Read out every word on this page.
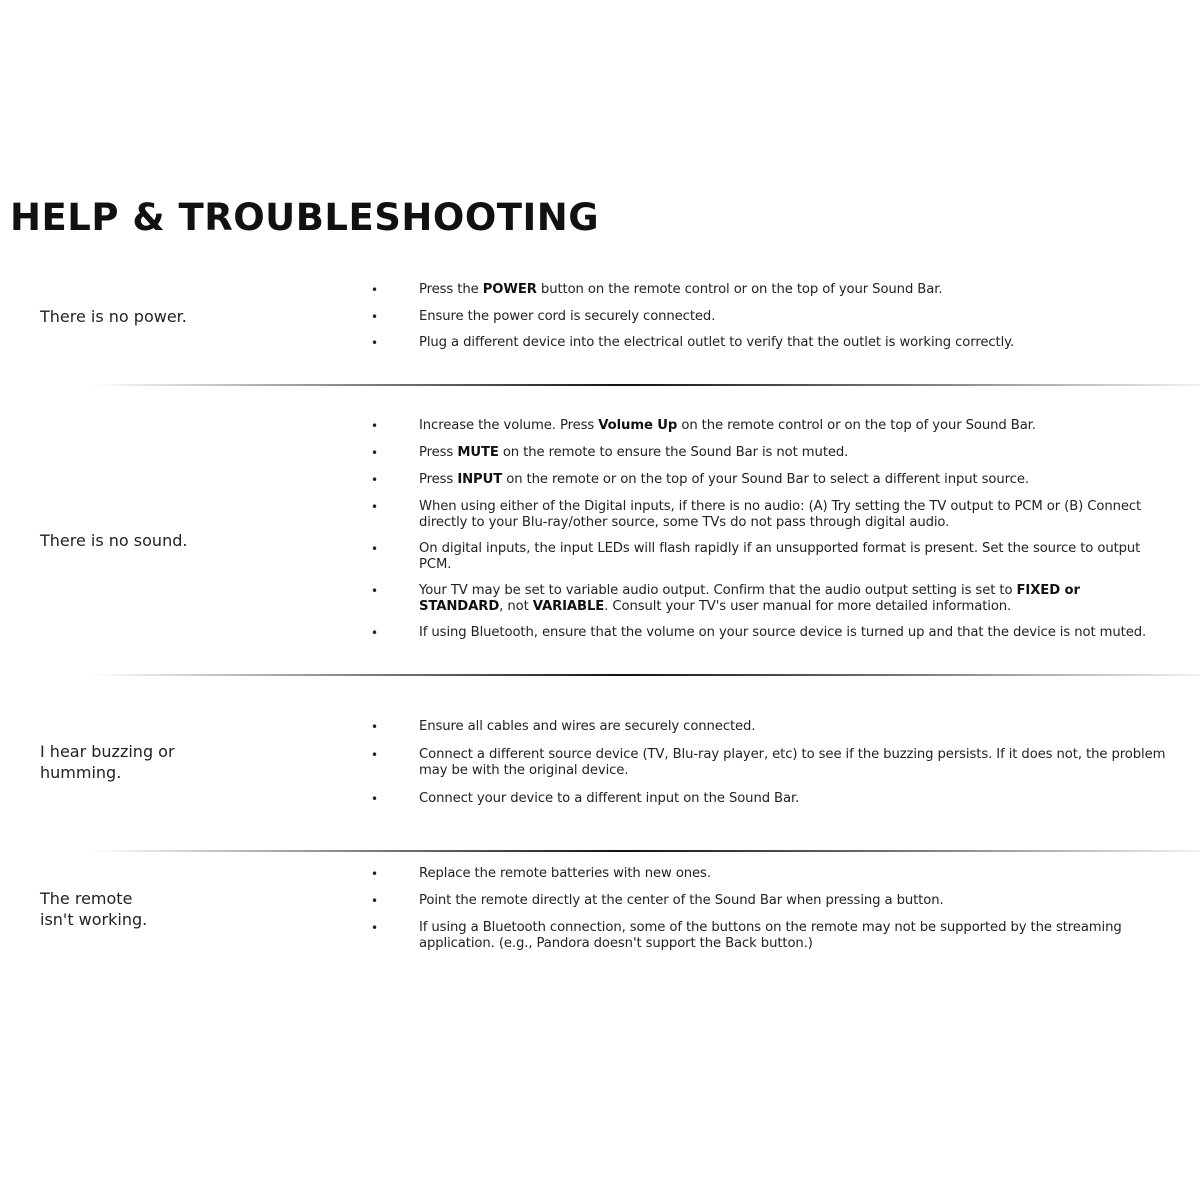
HELP & TROUBLESHOOTING
There is no power.
• Press the POWER button on the remote control or on the top of your Sound Bar.
• Ensure the power cord is securely connected.
• Plug a different device into the electrical outlet to verify that the outlet is working correctly.
There is no sound.
• Increase the volume. Press Volume Up on the remote control or on the top of your Sound Bar.
• Press MUTE on the remote to ensure the Sound Bar is not muted.
• Press INPUT on the remote or on the top of your Sound Bar to select a different input source.
• When using either of the Digital inputs, if there is no audio: (A) Try setting the TV output to PCM or (B) Connect directly to your Blu-ray/other source, some TVs do not pass through digital audio.
• On digital inputs, the input LEDs will flash rapidly if an unsupported format is present. Set the source to output PCM.
• Your TV may be set to variable audio output. Confirm that the audio output setting is set to FIXED or STANDARD, not VARIABLE. Consult your TV's user manual for more detailed information.
• If using Bluetooth, ensure that the volume on your source device is turned up and that the device is not muted.
I hear buzzing or humming.
• Ensure all cables and wires are securely connected.
• Connect a different source device (TV, Blu-ray player, etc) to see if the buzzing persists. If it does not, the problem may be with the original device.
• Connect your device to a different input on the Sound Bar.
The remote isn't working.
• Replace the remote batteries with new ones.
• Point the remote directly at the center of the Sound Bar when pressing a button.
• If using a Bluetooth connection, some of the buttons on the remote may not be supported by the streaming application. (e.g., Pandora doesn't support the Back button.)
